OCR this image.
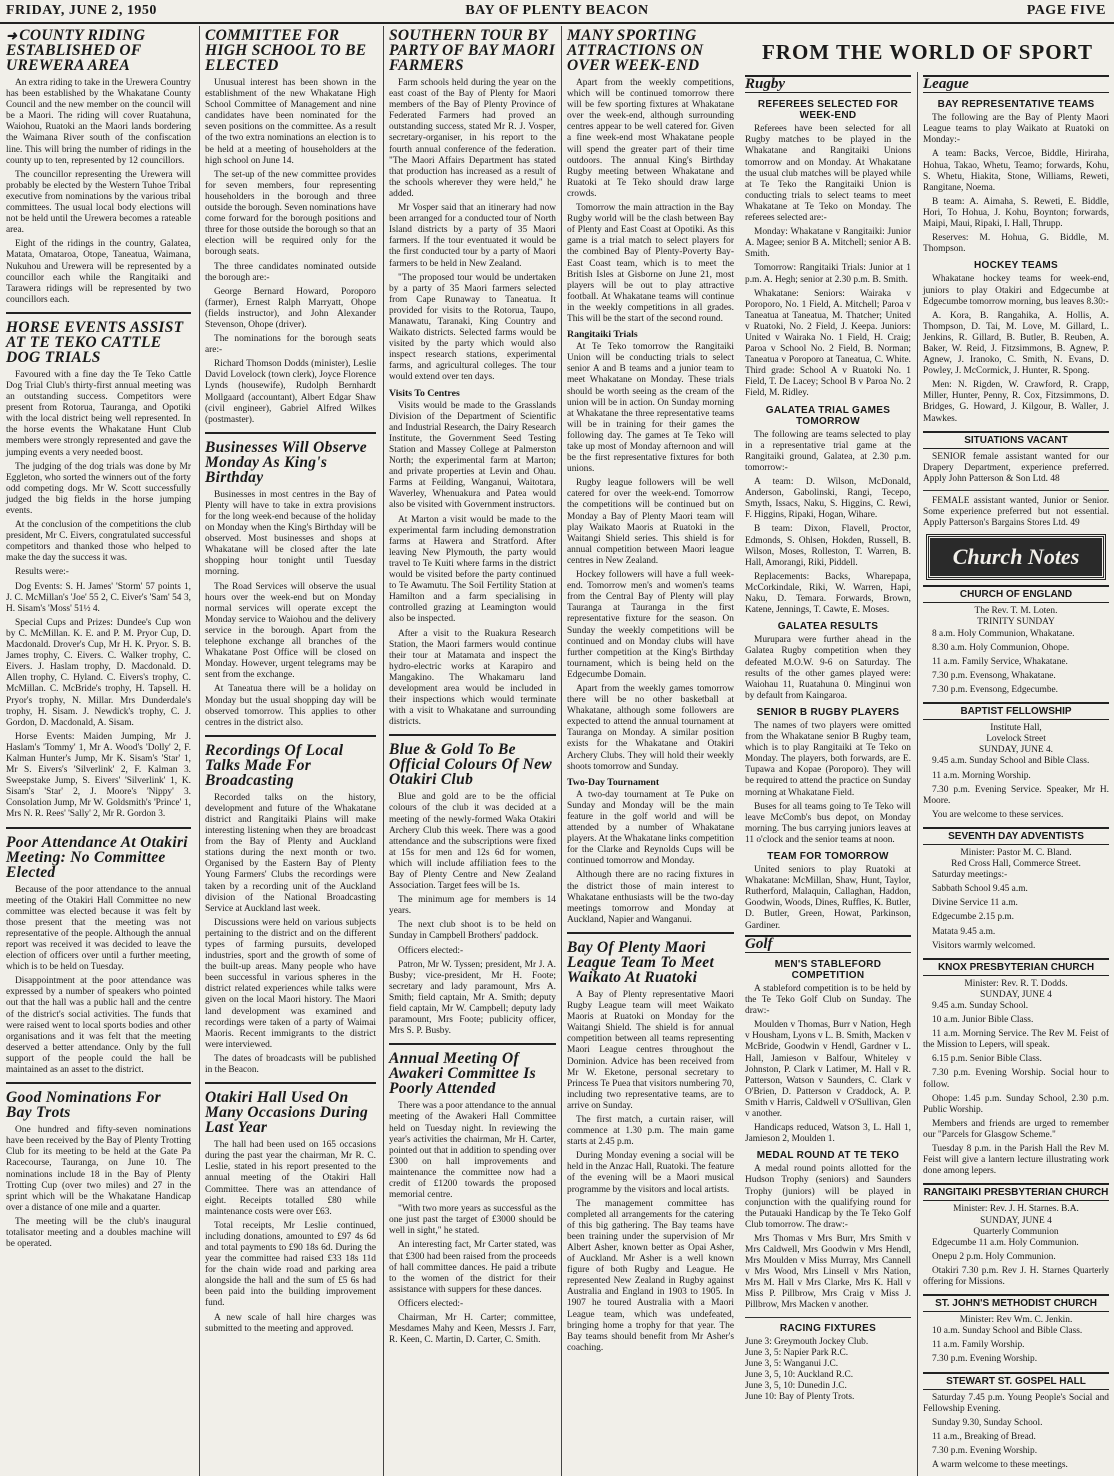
FRIDAY, JUNE 2, 1950	BAY OF PLENTY BEACON	PAGE FIVE
➜ COUNTY RIDING ESTABLISHED OF UREWERA AREA

An extra riding to take in the Urewera Country has been established by the Whakatane County Council and the new member on the council will be a Maori. The riding will cover Ruatahuna, Waiohou, Ruatoki an the Maori lands bordering the Waimana River south of the confiscation line. This will bring the number of ridings in the county up to ten, represented by 12 councillors.

The councillor representing the Urewera will probably be elected by the Western Tuhoe Tribal executive from nominations by the various tribal committees. The usual local body elections will not be held until the Urewera becomes a rateable area.

Eight of the ridings in the country, Galatea, Matata, Omataroa, Otope, Taneatua, Waimana, Nukuhou and Urewera will be represented by a councillor each while the Rangitaiki and Tarawera ridings will be represented by two councillors each.

HORSE EVENTS ASSIST AT TE TEKO CATTLE DOG TRIALS

Favoured with a fine day the Te Teko Cattle Dog Trial Club's thirty-first annual meeting was an outstanding success. Competitors were present from Rotorua, Tauranga, and Opotiki with the local district being well represented. In the horse events the Whakatane Hunt Club members were strongly represented and gave the jumping events a very needed boost.

The judging of the dog trials was done by Mr Eggleton, who sorted the winners out of the forty odd competing dogs. Mr W. Scott successfully judged the big fields in the horse jumping events.

At the conclusion of the competitions the club president, Mr C. Eivers, congratulated successful competitors and thanked those who helped to make the day the success it was.

Results were:-

Dog Events: S. H. James' 'Storm' 57 points 1, J. C. McMillan's 'Joe' 55 2, C. Eiver's 'Sam' 54 3, H. Sisam's 'Moss' 51½ 4.

Special Cups and Prizes: Dundee's Cup won by C. McMillan. K. E. and P. M. Pryor Cup, D. Macdonald. Drover's Cup, Mr H. K. Pryor. S. B. James trophy, C. Eivers. C. Walker trophy, C. Eivers. J. Haslam trophy, D. Macdonald. D. Allen trophy, C. Hyland. C. Eivers's trophy, C. McMillan. C. McBride's trophy, H. Tapsell. H. Pryor's trophy, N. Millar. Mrs Dunderdale's trophy, H. Sisam. J. Newdick's trophy, C. J. Gordon, D. Macdonald, A. Sisam.

Horse Events: Maiden Jumping, Mr J. Haslam's 'Tommy' 1, Mr A. Wood's 'Dolly' 2, F. Kalman Hunter's Jump, Mr K. Sisam's 'Star' 1, Mr S. Eivers's 'Silverlink' 2, F. Kalman 3. Sweepstake Jump, S. Eivers' 'Silverlink' 1, K. Sisam's 'Star' 2, J. Moore's 'Nippy' 3. Consolation Jump, Mr W. Goldsmith's 'Prince' 1, Mrs N. R. Rees' 'Sally' 2, Mr R. Gordon 3.

Poor Attendance At Otakiri Meeting: No Committee Elected

Because of the poor attendance to the annual meeting of the Otakiri Hall Committee no new committee was elected because it was felt by those present that the meeting was not representative of the people. Although the annual report was received it was decided to leave the election of officers over until a further meeting, which is to be held on Tuesday.

Disappointment at the poor attendance was expressed by a number of speakers who pointed out that the hall was a public hall and the centre of the district's social activities. The funds that were raised went to local sports bodies and other organisations and it was felt that the meeting deserved a better attendance. Only by the full support of the people could the hall be maintained as an asset to the district.

Good Nominations For Bay Trots

One hundred and fifty-seven nominations have been received by the Bay of Plenty Trotting Club for its meeting to be held at the Gate Pa Racecourse, Tauranga, on June 10. The nominations include 18 in the Bay of Plenty Trotting Cup (over two miles) and 27 in the sprint which will be the Whakatane Handicap over a distance of one mile and a quarter.

The meeting will be the club's inaugural totalisator meeting and a doubles machine will be operated.

COMMITTEE FOR HIGH SCHOOL TO BE ELECTED

Unusual interest has been shown in the establishment of the new Whakatane High School Committee of Management and nine candidates have been nominated for the seven positions on the committee. As a result of the two extra nominations an election is to be held at a meeting of householders at the high school on June 14.

The set-up of the new committee provides for seven members, four representing householders in the borough and three outside the borough. Seven nominations have come forward for the borough positions and three for those outside the borough so that an election will be required only for the borough seats.

The three candidates nominated outside the borough are:-

George Bernard Howard, Poroporo (farmer), Ernest Ralph Marryatt, Ohope (fields instructor), and John Alexander Stevenson, Ohope (driver).

The nominations for the borough seats are:-

Richard Thomson Dodds (minister), Leslie David Lovelock (town clerk), Joyce Florence Lynds (housewife), Rudolph Bernhardt Mollgaard (accountant), Albert Edgar Shaw (civil engineer), Gabriel Alfred Wilkes (postmaster).

Businesses Will Observe Monday As King's Birthday

Businesses in most centres in the Bay of Plenty will have to take in extra provisions for the long week-end because of the holiday on Monday when the King's Birthday will be observed. Most businesses and shops at Whakatane will be closed after the late shopping hour tonight until Tuesday morning.

The Road Services will observe the usual hours over the week-end but on Monday normal services will operate except the Monday service to Waiohou and the delivery service in the borough. Apart from the telephone exchange all branches of the Whakatane Post Office will be closed on Monday. However, urgent telegrams may be sent from the exchange.

At Taneatua there will be a holiday on Monday but the usual shopping day will be observed tomorrow. This applies to other centres in the district also.

Recordings Of Local Talks Made For Broadcasting

Recorded talks on the history, development and future of the Whakatane district and Rangitaiki Plains will make interesting listening when they are broadcast from the Bay of Plenty and Auckland stations during the next month or two. Organised by the Eastern Bay of Plenty Young Farmers' Clubs the recordings were taken by a recording unit of the Auckland division of the National Broadcasting Service at Auckland last week.

Discussions were held on various subjects pertaining to the district and on the different types of farming pursuits, developed industries, sport and the growth of some of the built-up areas. Many people who have been successful in various spheres in the district related experiences while talks were given on the local Maori history. The Maori land development was examined and recordings were taken of a party of Waimai Maoris. Recent immigrants to the district were interviewed.

The dates of broadcasts will be published in the Beacon.

Otakiri Hall Used On Many Occasions During Last Year

The hall had been used on 165 occasions during the past year the chairman, Mr R. C. Leslie, stated in his report presented to the annual meeting of the Otakiri Hall Committee. There was an attendance of eight. Receipts totalled £80 while maintenance costs were over £63.

Total receipts, Mr Leslie continued, including donations, amounted to £97 4s 6d and total payments to £90 18s 6d. During the year the committee had raised £33 18s 11d for the chain wide road and parking area alongside the hall and the sum of £5 6s had been paid into the building improvement fund.

A new scale of hall hire charges was submitted to the meeting and approved.

SOUTHERN TOUR BY PARTY OF BAY MAORI FARMERS

Farm schools held during the year on the east coast of the Bay of Plenty for Maori members of the Bay of Plenty Province of Federated Farmers had proved an outstanding success, stated Mr R. J. Vosper, secretary-organiser, in his report to the fourth annual conference of the federation. "The Maori Affairs Department has stated that production has increased as a result of the schools wherever they were held," he added.

Mr Vosper said that an itinerary had now been arranged for a conducted tour of North Island districts by a party of 35 Maori farmers. If the tour eventuated it would be the first conducted tour by a party of Maori farmers to be held in New Zealand.

"The proposed tour would be undertaken by a party of 35 Maori farmers selected from Cape Runaway to Taneatua. It provided for visits to the Rotorua, Taupo, Manawatu, Taranaki, King Country and Waikato districts. Selected farms would be visited by the party which would also inspect research stations, experimental farms, and agricultural colleges. The tour would extend over ten days.

Visits To Centres

Visits would be made to the Grasslands Division of the Department of Scientific and Industrial Research, the Dairy Research Institute, the Government Seed Testing Station and Massey College at Palmerston North; the experimental farm at Marton; and private properties at Levin and Ohau. Farms at Feilding, Wanganui, Waitotara, Waverley, Whenuakura and Patea would also be visited with Government instructors.

At Marton a visit would be made to the experimental farm including demonstration farms at Hawera and Stratford. After leaving New Plymouth, the party would travel to Te Kuiti where farms in the district would be visited before the party continued to Te Awamutu. The Soil Fertility Station at Hamilton and a farm specialising in controlled grazing at Leamington would also be inspected.

After a visit to the Ruakura Research Station, the Maori farmers would continue their tour at Matamata and inspect the hydro-electric works at Karapiro and Mangakino. The Whakamaru land development area would be included in their inspections which would terminate with a visit to Whakatane and surrounding districts.

Blue & Gold To Be Official Colours Of New Otakiri Club

Blue and gold are to be the official colours of the club it was decided at a meeting of the newly-formed Waka Otakiri Archery Club this week. There was a good attendance and the subscriptions were fixed at 15s for men and 12s 6d for women, which will include affiliation fees to the Bay of Plenty Centre and New Zealand Association. Target fees will be 1s.

The minimum age for members is 14 years.

The next club shoot is to be held on Sunday in Campbell Brothers' paddock.

Officers elected:-

Patron, Mr W. Tyssen; president, Mr J. A. Busby; vice-president, Mr H. Foote; secretary and lady paramount, Mrs A. Smith; field captain, Mr A. Smith; deputy field captain, Mr W. Campbell; deputy lady paramount, Mrs Foote; publicity officer, Mrs S. P. Busby.

Annual Meeting Of Awakeri Committee Is Poorly Attended

There was a poor attendance to the annual meeting of the Awakeri Hall Committee held on Tuesday night. In reviewing the year's activities the chairman, Mr H. Carter, pointed out that in addition to spending over £300 on hall improvements and maintenance the committee now had a credit of £1200 towards the proposed memorial centre.

"With two more years as successful as the one just past the target of £3000 should be well in sight," he stated.

An interesting fact, Mr Carter stated, was that £300 had been raised from the proceeds of hall committee dances. He paid a tribute to the women of the district for their assistance with suppers for these dances.

Officers elected:-

Chairman, Mr H. Carter; committee, Mesdames Mahy and Keen, Messrs J. Farr, R. Keen, C. Martin, D. Carter, C. Smith.

MANY SPORTING ATTRACTIONS ON OVER WEEK-END

Apart from the weekly competitions, which will be continued tomorrow there will be few sporting fixtures at Whakatane over the week-end, although surrounding centres appear to be well catered for. Given a fine week-end most Whakatane people will spend the greater part of their time outdoors. The annual King's Birthday Rugby meeting between Whakatane and Ruatoki at Te Teko should draw large crowds.

Tomorrow the main attraction in the Bay Rugby world will be the clash between Bay of Plenty and East Coast at Opotiki. As this game is a trial match to select players for the combined Bay of Plenty-Poverty Bay-East Coast team, which is to meet the British Isles at Gisborne on June 21, most players will be out to play attractive football. At Whakatane teams will continue in the weekly competitions in all grades. This will be the start of the second round.

Rangitaiki Trials

At Te Teko tomorrow the Rangitaiki Union will be conducting trials to select senior A and B teams and a junior team to meet Whakatane on Monday. These trials should be worth seeing as the cream of the union will be in action. On Sunday morning at Whakatane the three representative teams will be in training for their games the following day. The games at Te Teko will take up most of Monday afternoon and will be the first representative fixtures for both unions.

Rugby league followers will be well catered for over the week-end. Tomorrow the competitions will be continued but on Monday a Bay of Plenty Maori team will play Waikato Maoris at Ruatoki in the Waitangi Shield series. This shield is for annual competition between Maori league centres in New Zealand.

Hockey followers will have a full week-end. Tomorrow men's and women's teams from the Central Bay of Plenty will play Tauranga at Tauranga in the first representative fixture for the season. On Sunday the weekly competitions will be continued and on Monday clubs will have further competition at the King's Birthday tournament, which is being held on the Edgecumbe Domain.

Apart from the weekly games tomorrow there will be no other basketball at Whakatane, although some followers are expected to attend the annual tournament at Tauranga on Monday. A similar position exists for the Whakatane and Otakiri Archery Clubs. They will hold their weekly shoots tomorrow and Sunday.

Two-Day Tournament

A two-day tournament at Te Puke on Sunday and Monday will be the main feature in the golf world and will be attended by a number of Whakatane players. At the Whakatane links competition for the Clarke and Reynolds Cups will be continued tomorrow and Monday.

Although there are no racing fixtures in the district those of main interest to Whakatane enthusiasts will be the two-day meetings tomorrow and Monday at Auckland, Napier and Wanganui.

Bay Of Plenty Maori League Team To Meet Waikato At Ruatoki

A Bay of Plenty representative Maori Rugby League team will meet Waikato Maoris at Ruatoki on Monday for the Waitangi Shield. The shield is for annual competition between all teams representing Maori League centres throughout the Dominion. Advice has been received from Mr W. Eketone, personal secretary to Princess Te Puea that visitors numbering 70, including two representative teams, are to arrive on Sunday.

The first match, a curtain raiser, will commence at 1.30 p.m. The main game starts at 2.45 p.m.

During Monday evening a social will be held in the Anzac Hall, Ruatoki. The feature of the evening will be a Maori musical programme by the visitors and local artists.

The management committee has completed all arrangements for the catering of this big gathering. The Bay teams have been training under the supervision of Mr Albert Asher, known better as Opai Asher, of Auckland. Mr Asher is a well known figure of both Rugby and League. He represented New Zealand in Rugby against Australia and England in 1903 to 1905. In 1907 he toured Australia with a Maori League team, which was undefeated, bringing home a trophy for that year. The Bay teams should benefit from Mr Asher's coaching.

FROM THE WORLD OF SPORT
Rugby
REFEREES SELECTED FOR WEEK-END

Referees have been selected for all Rugby matches to be played in the Whakatane and Rangitaiki Unions tomorrow and on Monday. At Whakatane the usual club matches will be played while at Te Teko the Rangitaiki Union is conducting trials to select teams to meet Whakatane at Te Teko on Monday. The referees selected are:-

Monday: Whakatane v Rangitaiki: Junior A. Magee; senior B A. Mitchell; senior A B. Smith.

Tomorrow: Rangitaiki Trials: Junior at 1 p.m. A. Hegh; senior at 2.30 p.m. B. Smith.

Whakatane: Seniors: Wairaka v Poroporo, No. 1 Field, A. Mitchell; Paroa v Taneatua at Taneatua, M. Thatcher; United v Ruatoki, No. 2 Field, J. Keepa. Juniors: United v Wairaka No. 1 Field, H. Craig; Paroa v School No. 2 Field, B. Norman; Taneatua v Poroporo at Taneatua, C. White. Third grade: School A v Ruatoki No. 1 Field, T. De Lacey; School B v Paroa No. 2 Field, M. Ridley.

GALATEA TRIAL GAMES TOMORROW

The following are teams selected to play in a representative trial game at the Rangitaiki ground, Galatea, at 2.30 p.m. tomorrow:-

A team: D. Wilson, McDonald, Anderson, Gabolinski, Rangi, Tecepo, Smyth, Issacs, Naku, S. Higgins, C. Rewi, F. Higgins, Ripaki, Hogan, Wihare.

B team: Dixon, Flavell, Proctor, Edmonds, S. Ohlsen, Hokden, Russell, B. Wilson, Moses, Rolleston, T. Warren, B. Hall, Amorangi, Riki, Piddell.

Replacements: Backs, Wharepapa, McCorkindale, Riki, W. Warren, Hapi, Naku, D. Temara. Forwards, Brown, Katene, Jennings, T. Cawte, E. Moses.

GALATEA RESULTS

Murupara were further ahead in the Galatea Rugby competition when they defeated M.O.W. 9-6 on Saturday. The results of the other games played were: Waiohau 11, Ruatahuna 0. Minginui won by default from Kaingaroa.

SENIOR B RUGBY PLAYERS

The names of two players were omitted from the Whakatane senior B Rugby team, which is to play Rangitaiki at Te Teko on Monday. The players, both forwards, are E. Tupawa and Kopae (Poroporo). They will be required to attend the practice on Sunday morning at Whakatane Field.

Buses for all teams going to Te Teko will leave McComb's bus depot, on Monday morning. The bus carrying juniors leaves at 11 o'clock and the senior teams at noon.

TEAM FOR TOMORROW

United seniors to play Ruatoki at Whakatane: McMillan, Shaw, Hunt, Taylor, Rutherford, Malaquin, Callaghan, Haddon, Goodwin, Woods, Dines, Ruffles, K. Butler, D. Butler, Green, Howat, Parkinson, Gardiner.

Golf
MEN'S STABLEFORD COMPETITION

A stableford competition is to be held by the Te Teko Golf Club on Sunday. The draw:-

Moulden v Thomas, Burr v Nation, Hegh v Housham, Lyons v L. B. Smith, Macken v McBride, Goodwin v Hendl, Gardner v L. Hall, Jamieson v Balfour, Whiteley v Johnston, P. Clark v Latimer, M. Hall v R. Patterson, Watson v Saunders, C. Clark v O'Brien, D. Patterson v Craddock, A. P. Smith v Harris, Caldwell v O'Sullivan, Glen v another.

Handicaps reduced, Watson 3, L. Hall 1, Jamieson 2, Moulden 1.

MEDAL ROUND AT TE TEKO

A medal round points allotted for the Hudson Trophy (seniors) and Saunders Trophy (juniors) will be played in conjunction with the qualifying round for the Putauaki Handicap by the Te Teko Golf Club tomorrow. The draw:-

Mrs Thomas v Mrs Burr, Mrs Smith v Mrs Caldwell, Mrs Goodwin v Mrs Hendl, Mrs Moulden v Miss Murray, Mrs Cannell v Mrs Wood, Mrs Linsell v Mrs Nation, Mrs M. Hall v Mrs Clarke, Mrs K. Hall v Miss P. Pillbrow, Mrs Craig v Miss J. Pillbrow, Mrs Macken v another.

RACING FIXTURES

June 3: Greymouth Jockey Club.

June 3, 5: Napier Park R.C.

June 3, 5: Wanganui J.C.

June 3, 5, 10: Auckland R.C.

June 3, 5, 10: Dunedin J.C.

June 10: Bay of Plenty Trots.

League
BAY REPRESENTATIVE TEAMS

The following are the Bay of Plenty Maori League teams to play Waikato at Ruatoki on Monday:-

A team: Backs, Vercoe, Biddle, Hiriraha, Hohua, Takao, Whetu, Teamo; forwards, Kohu, S. Whetu, Hiakita, Stone, Williams, Reweti, Rangitane, Noema.

B team: A. Aimaha, S. Reweti, E. Biddle, Hori, To Hohua, J. Kohu, Boynton; forwards, Maipi, Maui, Ripaki, I. Hall, Thrupp.

Reserves: M. Hohua, G. Biddle, M. Thompson.

HOCKEY TEAMS

Whakatane hockey teams for week-end, juniors to play Otakiri and Edgecumbe at Edgecumbe tomorrow morning, bus leaves 8.30:-

A. Kora, B. Rangahika, A. Hollis, A. Thompson, D. Tai, M. Love, M. Gillard, L. Jenkins, R. Gillard, B. Butler, B. Reuben, A. Baker, W. Reid, J. Fitzsimmons, B. Agnew, P. Agnew, J. Iranoko, C. Smith, N. Evans, D. Powley, J. McCormick, J. Hunter, R. Spong.

Men: N. Rigden, W. Crawford, R. Crapp, Miller, Hunter, Penny, R. Cox, Fitzsimmons, D. Bridges, G. Howard, J. Kilgour, B. Waller, J. Mawkes.

SITUATIONS VACANT

SENIOR female assistant wanted for our Drapery Department, experience preferred. Apply John Patterson & Son Ltd. 48

FEMALE assistant wanted, Junior or Senior. Some experience preferred but not essential. Apply Patterson's Bargains Stores Ltd. 49

Church Notes
CHURCH OF ENGLAND

The Rev. T. M. Loten.

TRINITY SUNDAY

8 a.m. Holy Communion, Whakatane.

8.30 a.m. Holy Communion, Ohope.

11 a.m. Family Service, Whakatane.

7.30 p.m. Evensong, Whakatane.

7.30 p.m. Evensong, Edgecumbe.

BAPTIST FELLOWSHIP

Institute Hall,

Lovelock Street

SUNDAY, JUNE 4.

9.45 a.m. Sunday School and Bible Class.

11 a.m. Morning Worship.

7.30 p.m. Evening Service. Speaker, Mr H. Moore.

You are welcome to these services.

SEVENTH DAY ADVENTISTS

Minister: Pastor M. C. Bland.

Red Cross Hall, Commerce Street.

Saturday meetings:-

Sabbath School 9.45 a.m.

Divine Service 11 a.m.

Edgecumbe 2.15 p.m.

Matata 9.45 a.m.

Visitors warmly welcomed.

KNOX PRESBYTERIAN CHURCH

Minister: Rev. R. T. Dodds.

SUNDAY, JUNE 4

9.45 a.m. Sunday School.

10 a.m. Junior Bible Class.

11 a.m. Morning Service. The Rev M. Feist of the Mission to Lepers, will speak.

6.15 p.m. Senior Bible Class.

7.30 p.m. Evening Worship. Social hour to follow.

Ohope: 1.45 p.m. Sunday School, 2.30 p.m. Public Worship.

Members and friends are urged to remember our "Parcels for Glasgow Scheme."

Tuesday 8 p.m. in the Parish Hall the Rev M. Feist will give a lantern lecture illustrating work done among lepers.

RANGITAIKI PRESBYTERIAN CHURCH

Minister: Rev. J. H. Starnes. B.A.

SUNDAY, JUNE 4

Quarterly Communion

Edgecumbe 11 a.m. Holy Communion.

Onepu 2 p.m. Holy Communion.

Otakiri 7.30 p.m. Rev J. H. Starnes Quarterly offering for Missions.

ST. JOHN'S METHODIST CHURCH

Minister: Rev Wm. C. Jenkin.

10 a.m. Sunday School and Bible Class.

11 a.m. Family Worship.

7.30 p.m. Evening Worship.

STEWART ST. GOSPEL HALL

Saturday 7.45 p.m. Young People's Social and Fellowship Evening.

Sunday 9.30, Sunday School.

11 a.m., Breaking of Bread.

7.30 p.m. Evening Worship.

A warm welcome to these meetings.
